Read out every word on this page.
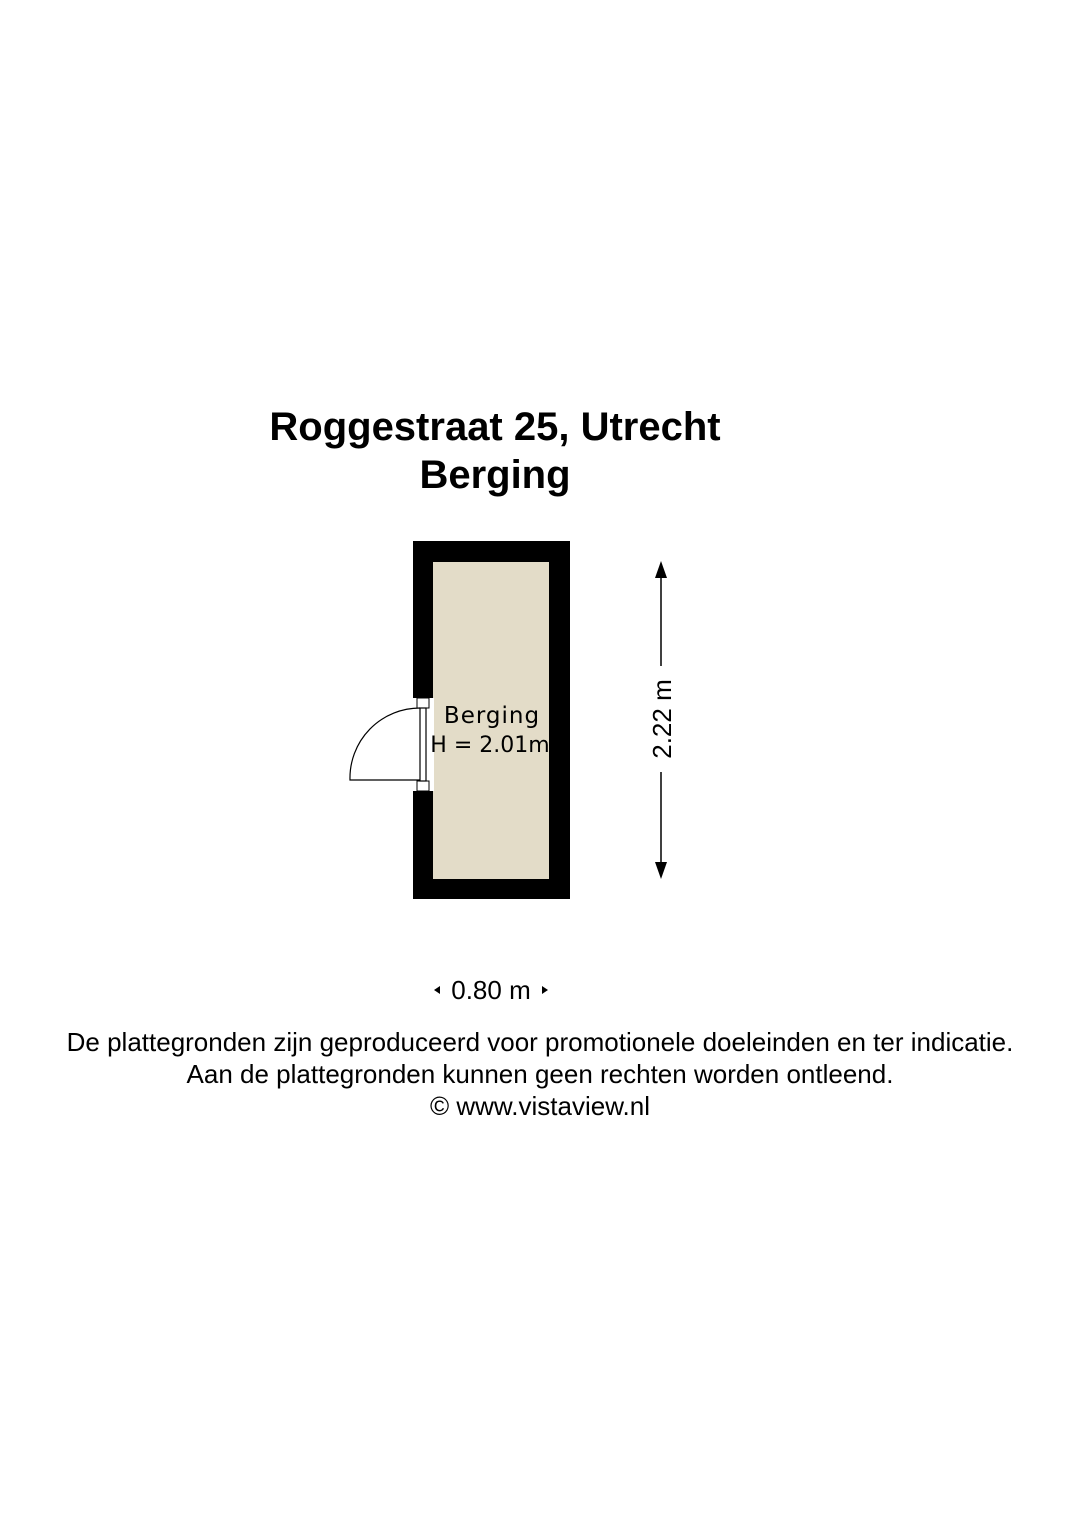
Roggestraat 25, Utrecht
Berging
Berging
H = 2.01m	2.22 m
0.80 m

De plattegronden zijn geproduceerd voor promotionele doeleinden en ter indicatie.

Aan de plattegronden kunnen geen rechten worden ontleend.

© www.vistaview.nl
